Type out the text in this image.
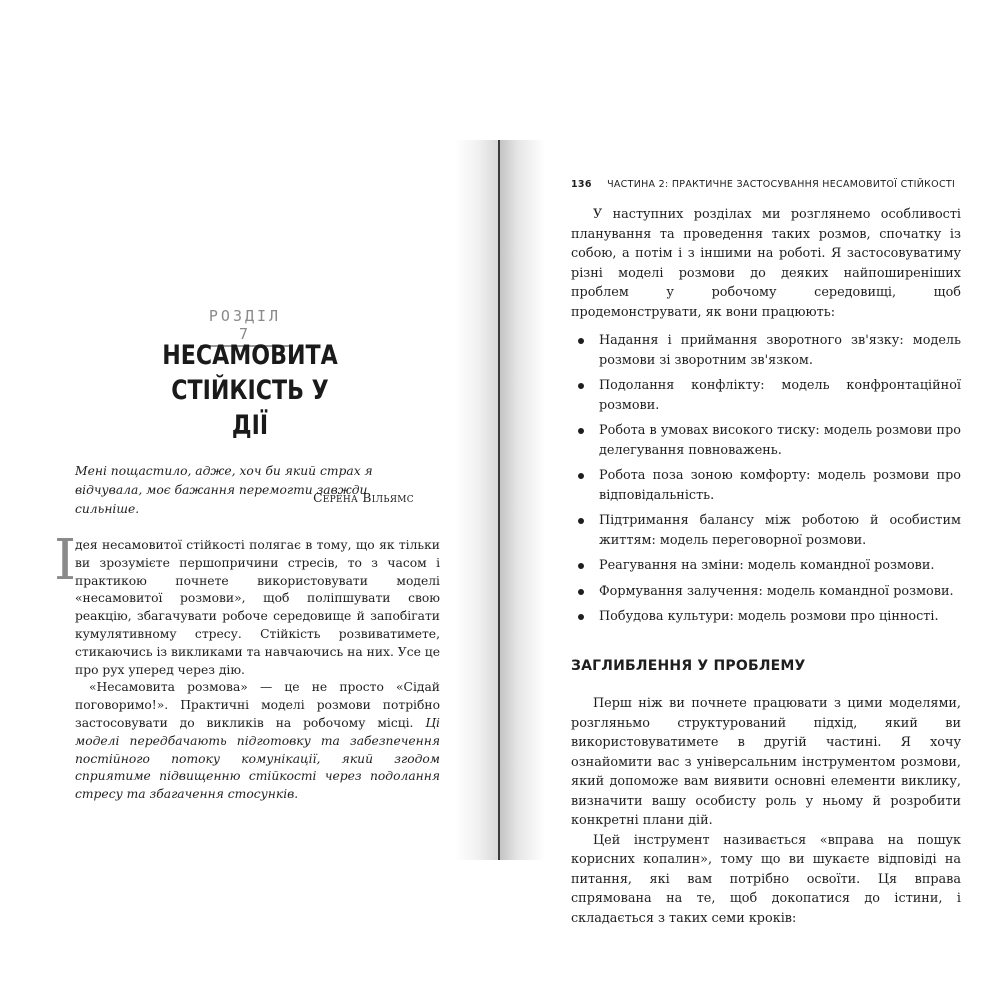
РОЗДІЛ 7
НЕСАМОВИТА
СТІЙКІСТЬ У ДІЇ
Мені пощастило, адже, хоч би який страх я відчувала, моє бажання перемогти завжди сильніше.
Серена Вільямс
І

дея несамовитої стійкості полягає в тому, що як тільки ви зрозумієте першопричини стресів, то з часом і практикою почнете використовувати моделі «несамовитої розмови», щоб поліпшувати свою реакцію, збагачувати робоче середовище й запобігати кумулятивному стресу. Стійкість розвиватимете, стикаючись із викликами та навчаючись на них. Усе це про рух уперед через дію.

«Несамовита розмова» — це не просто «Сідай поговоримо!». Практичні моделі розмови потрібно застосовувати до викликів на робочому місці. Ці моделі передбачають підготовку та забезпечення постійного потоку комунікації, який згодом сприятиме підвищенню стійкості через подолання стресу та збагачення стосунків.

136 ЧАСТИНА 2: ПРАКТИЧНЕ ЗАСТОСУВАННЯ НЕСАМОВИТОЇ СТІЙКОСТІ

У наступних розділах ми розглянемо особливості планування та проведення таких розмов, спочатку із собою, а потім і з іншими на роботі. Я застосовуватиму різні моделі розмови до деяких найпоширеніших проблем у робочому середовищі, щоб продемонструвати, як вони працюють:

Надання і приймання зворотного зв'язку: модель розмови зі зворотним зв'язком.
Подолання конфлікту: модель конфронтаційної розмови.
Робота в умовах високого тиску: модель розмови про делегування повноважень.
Робота поза зоною комфорту: модель розмови про відповідальність.
Підтримання балансу між роботою й особистим життям: модель переговорної розмови.
Реагування на зміни: модель командної розмови.
Формування залучення: модель командної розмови.
Побудова культури: модель розмови про цінності.
ЗАГЛИБЛЕННЯ У ПРОБЛЕМУ

Перш ніж ви почнете працювати з цими моделями, розгляньмо структурований підхід, який ви використовуватимете в другій частині. Я хочу ознайомити вас з універсальним інструментом розмови, який допоможе вам виявити основні елементи виклику, визначити вашу особисту роль у ньому й розробити конкретні плани дій.

Цей інструмент називається «вправа на пошук корисних копалин», тому що ви шукаєте відповіді на питання, які вам потрібно освоїти. Ця вправа спрямована на те, щоб докопатися до істини, і складається з таких семи кроків:
